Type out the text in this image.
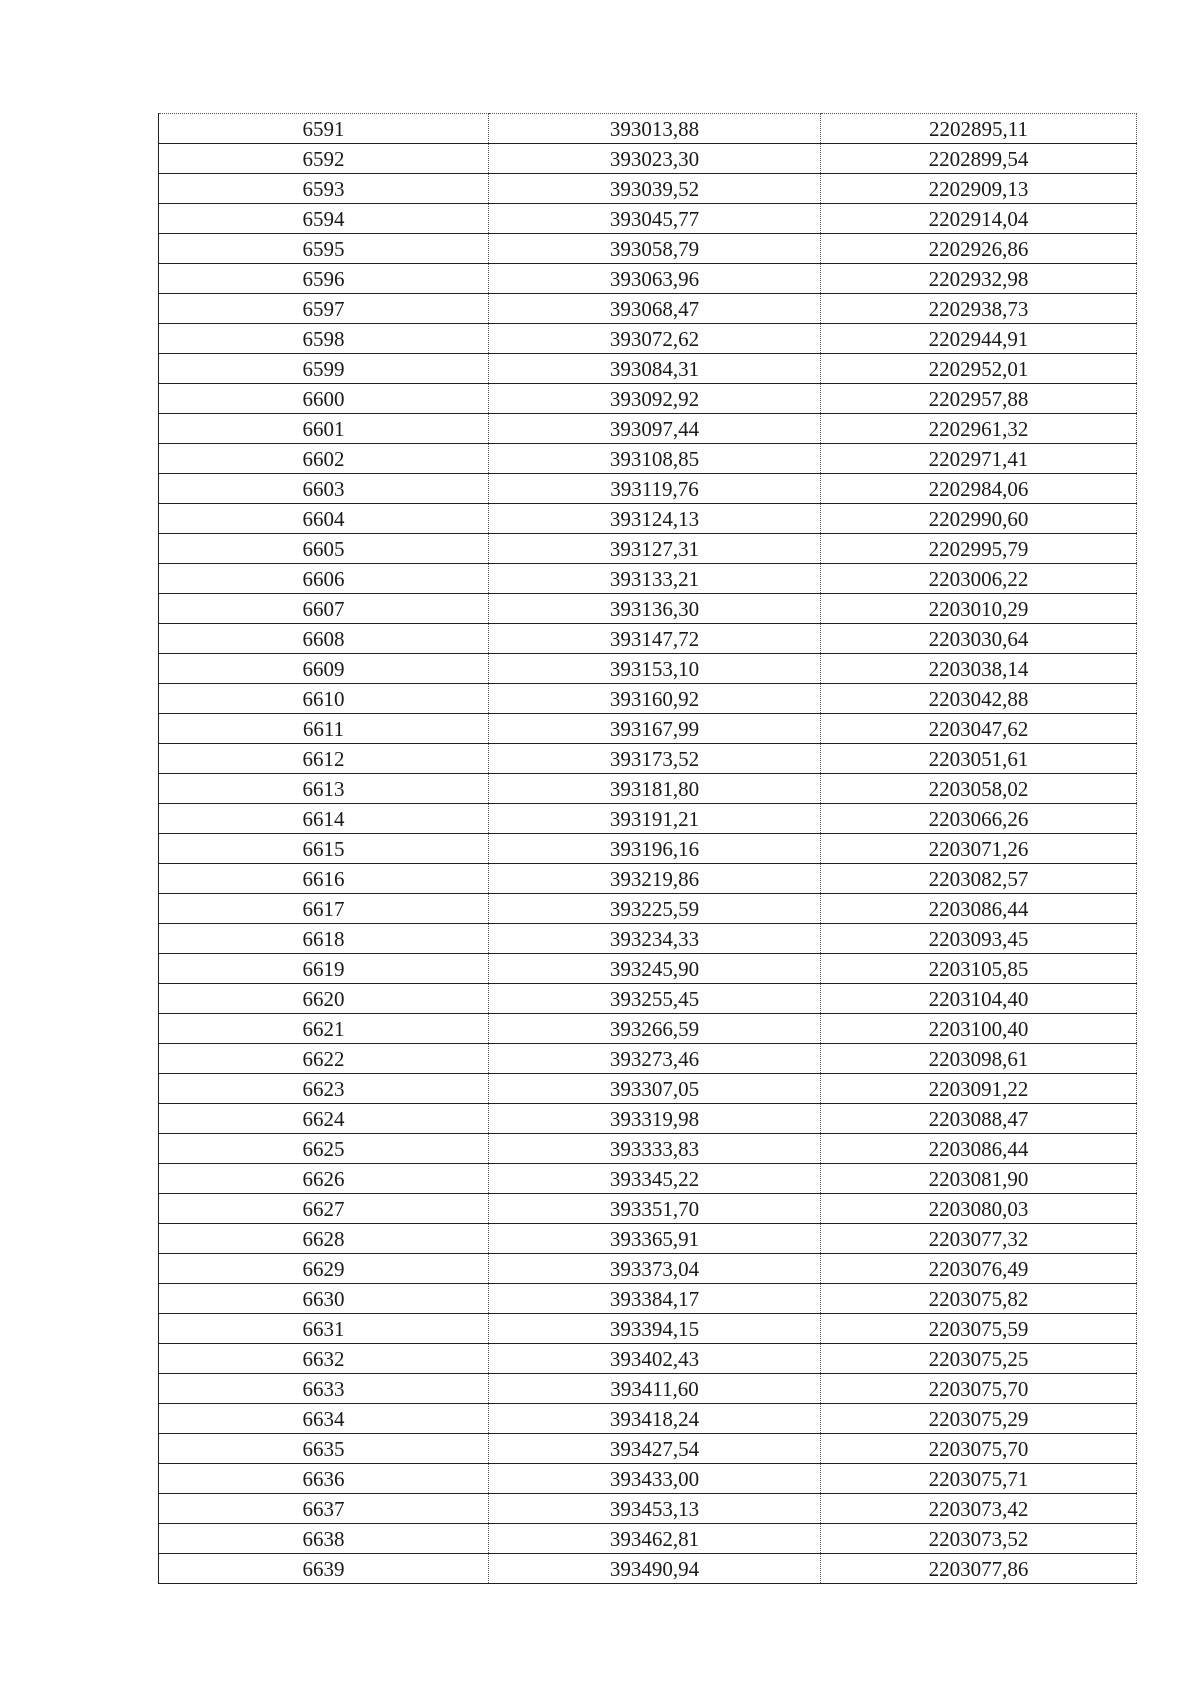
6591	393013,88	2202895,11
6592	393023,30	2202899,54
6593	393039,52	2202909,13
6594	393045,77	2202914,04
6595	393058,79	2202926,86
6596	393063,96	2202932,98
6597	393068,47	2202938,73
6598	393072,62	2202944,91
6599	393084,31	2202952,01
6600	393092,92	2202957,88
6601	393097,44	2202961,32
6602	393108,85	2202971,41
6603	393119,76	2202984,06
6604	393124,13	2202990,60
6605	393127,31	2202995,79
6606	393133,21	2203006,22
6607	393136,30	2203010,29
6608	393147,72	2203030,64
6609	393153,10	2203038,14
6610	393160,92	2203042,88
6611	393167,99	2203047,62
6612	393173,52	2203051,61
6613	393181,80	2203058,02
6614	393191,21	2203066,26
6615	393196,16	2203071,26
6616	393219,86	2203082,57
6617	393225,59	2203086,44
6618	393234,33	2203093,45
6619	393245,90	2203105,85
6620	393255,45	2203104,40
6621	393266,59	2203100,40
6622	393273,46	2203098,61
6623	393307,05	2203091,22
6624	393319,98	2203088,47
6625	393333,83	2203086,44
6626	393345,22	2203081,90
6627	393351,70	2203080,03
6628	393365,91	2203077,32
6629	393373,04	2203076,49
6630	393384,17	2203075,82
6631	393394,15	2203075,59
6632	393402,43	2203075,25
6633	393411,60	2203075,70
6634	393418,24	2203075,29
6635	393427,54	2203075,70
6636	393433,00	2203075,71
6637	393453,13	2203073,42
6638	393462,81	2203073,52
6639	393490,94	2203077,86
